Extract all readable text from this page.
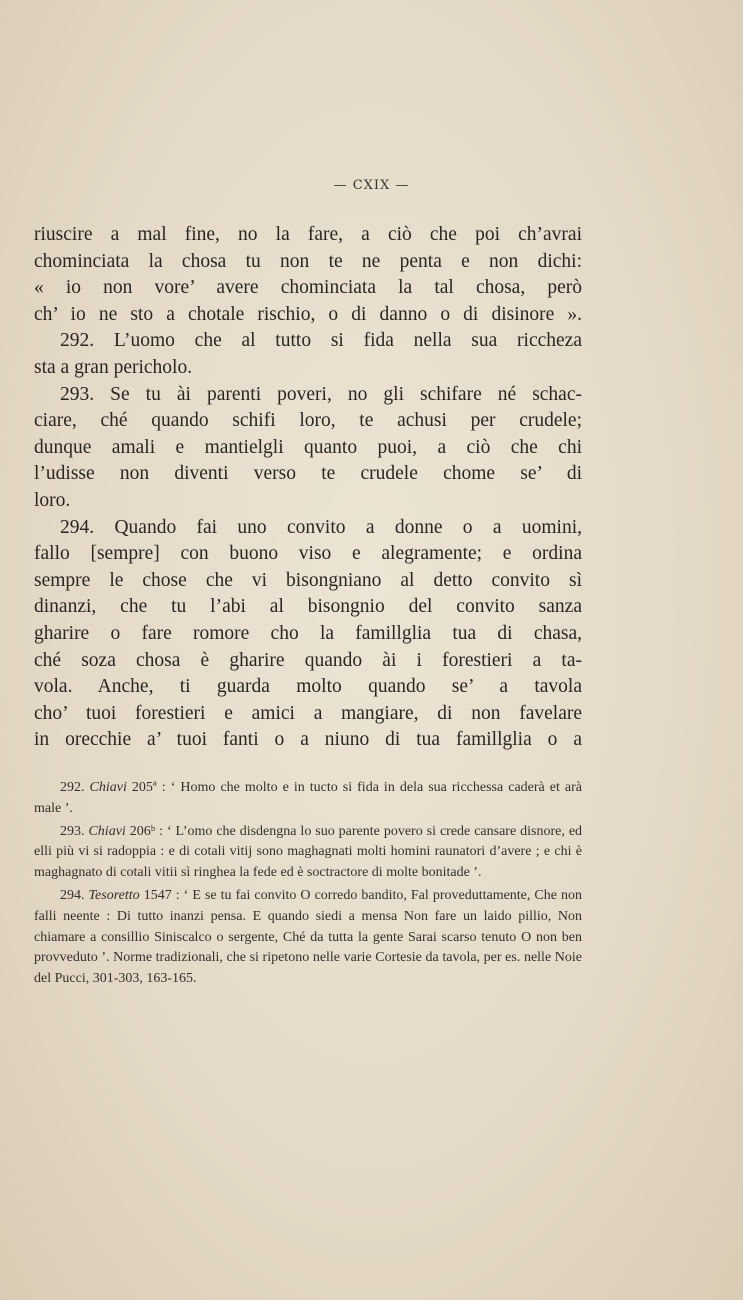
— CXIX —

riuscire a mal fine, no la fare, a ciò che poi ch’avrai
chominciata la chosa tu non te ne penta e non dichi:
« io non vore’ avere chominciata la tal chosa, però
ch’ io ne sto a chotale rischio, o di danno o di disinore ».

292. L’uomo che al tutto si fida nella sua riccheza
sta a gran pericholo.

293. Se tu ài parenti poveri, no gli schifare né schac-
ciare, ché quando schifi loro, te achusi per crudele;
dunque amali e mantielgli quanto puoi, a ciò che chi
l’udisse non diventi verso te crudele chome se’ di
loro.

294. Quando fai uno convito a donne o a uomini,
fallo [sempre] con buono viso e alegramente; e ordina
sempre le chose che vi bisongniano al detto convito sì
dinanzi, che tu l’abi al bisongnio del convito sanza
gharire o fare romore cho la famillglia tua di chasa,
ché soza chosa è gharire quando ài i forestieri a ta-
vola. Anche, ti guarda molto quando se’ a tavola
cho’ tuoi forestieri e amici a mangiare, di non favelare
in orecchie a’ tuoi fanti o a niuno di tua famillglia o a

292. Chiavi 205ª : ‘ Homo che molto e in tucto si fida in dela sua ricchessa caderà et arà male ’.

293. Chiavi 206ᵇ : ‘ L’omo che disdengna lo suo parente povero si crede cansare disnore, ed elli più vi si radoppia : e di cotali vitij sono maghagnati molti homini raunatori d’avere ; e chi è maghagnato di cotali vitii sì ringhea la fede ed è soctractore di molte bonitade ’.

294. Tesoretto 1547 : ‘ E se tu fai convito O corredo bandito, Fal proveduttamente, Che non falli neente : Di tutto inanzi pensa. E quando siedi a mensa Non fare un laido pillio, Non chiamare a consillio Siniscalco o sergente, Ché da tutta la gente Sarai scarso tenuto O non ben provveduto ’. Norme tradizionali, che si ripetono nelle varie Cortesie da tavola, per es. nelle Noie del Pucci, 301-303, 163-165.
